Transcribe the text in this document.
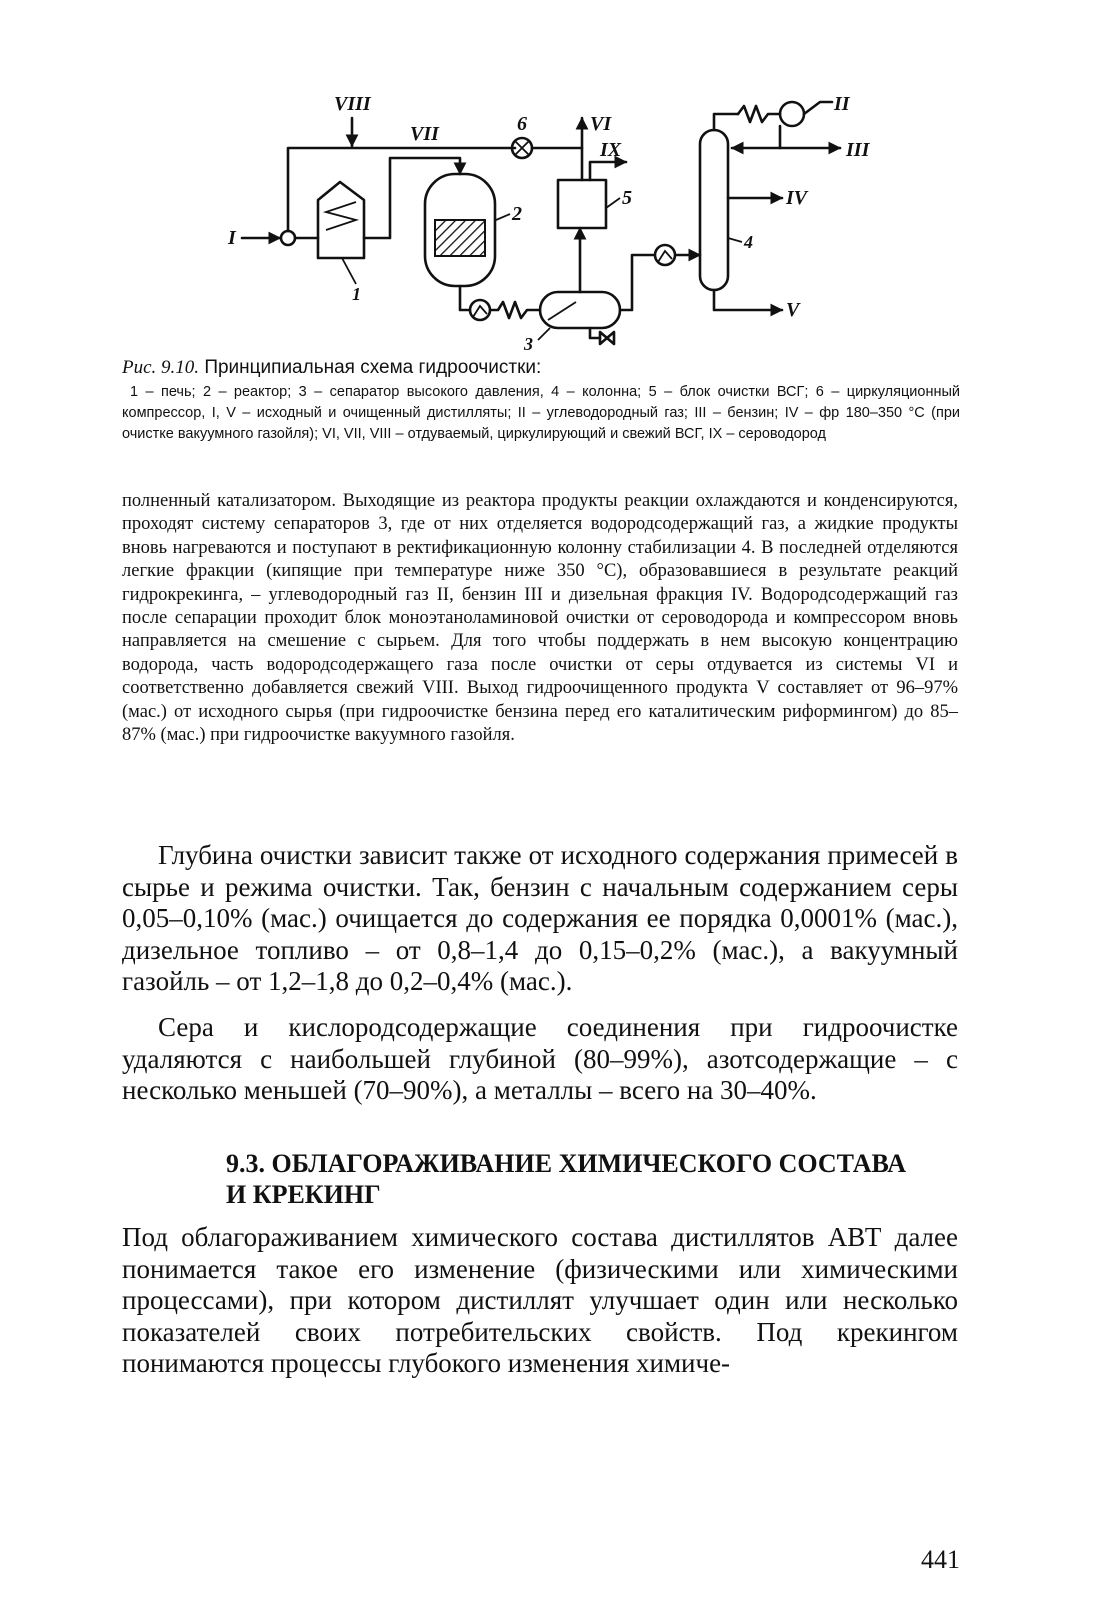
VIII
VII	6	VI
IX
5
2
I
1
3
II
III
IV
4
V

Рис. 9.10. Принципиальная схема гидроочистки:

1 – печь; 2 – реактор; 3 – сепаратор высокого давления, 4 – колонна; 5 – блок очистки ВСГ; 6 – циркуляционный компрессор, I, V – исходный и очищенный дистилляты; II – углеводородный газ; III – бензин; IV – фр 180–350 °С (при очистке вакуумного газойля); VI, VII, VIII – отдуваемый, циркулирующий и свежий ВСГ, IX – сероводород

полненный катализатором. Выходящие из реактора продукты реакции охлаждаются и конденсируются, проходят систему сепараторов 3, где от них отделяется водородсодержащий газ, а жидкие продукты вновь нагреваются и поступают в ректификационную колонну стабилизации 4. В последней отделяются легкие фракции (кипящие при температуре ниже 350 °С), образовавшиеся в результате реакций гидрокрекинга, – углеводородный газ II, бензин III и дизельная фракция IV. Водородсодержащий газ после сепарации проходит блок моноэтаноламиновой очистки от сероводорода и компрессором вновь направляется на смешение с сырьем. Для того чтобы поддержать в нем высокую концентрацию водорода, часть водородсодержащего газа после очистки от серы отдувается из системы VI и соответственно добавляется свежий VIII. Выход гидроочищенного продукта V составляет от 96–97% (мас.) от исходного сырья (при гидроочистке бензина перед его каталитическим риформингом) до 85–87% (мас.) при гидроочистке вакуумного газойля.

Глубина очистки зависит также от исходного содержания примесей в сырье и режима очистки. Так, бензин с начальным содержанием серы 0,05–0,10% (мас.) очищается до содержания ее порядка 0,0001% (мас.), дизельное топливо – от 0,8–1,4 до 0,15–0,2% (мас.), а вакуумный газойль – от 1,2–1,8 до 0,2–0,4% (мас.).

Сера и кислородсодержащие соединения при гидроочистке удаляются с наибольшей глубиной (80–99%), азотсодержащие – с несколько меньшей (70–90%), а металлы – всего на 30–40%.

9.3. ОБЛАГОРАЖИВАНИЕ ХИМИЧЕСКОГО СОСТАВА
И КРЕКИНГ

Под облагораживанием химического состава дистиллятов АВТ далее понимается такое его изменение (физическими или химическими процессами), при котором дистиллят улучшает один или несколько показателей своих потребительских свойств. Под крекингом понимаются процессы глубокого изменения химиче-

441
